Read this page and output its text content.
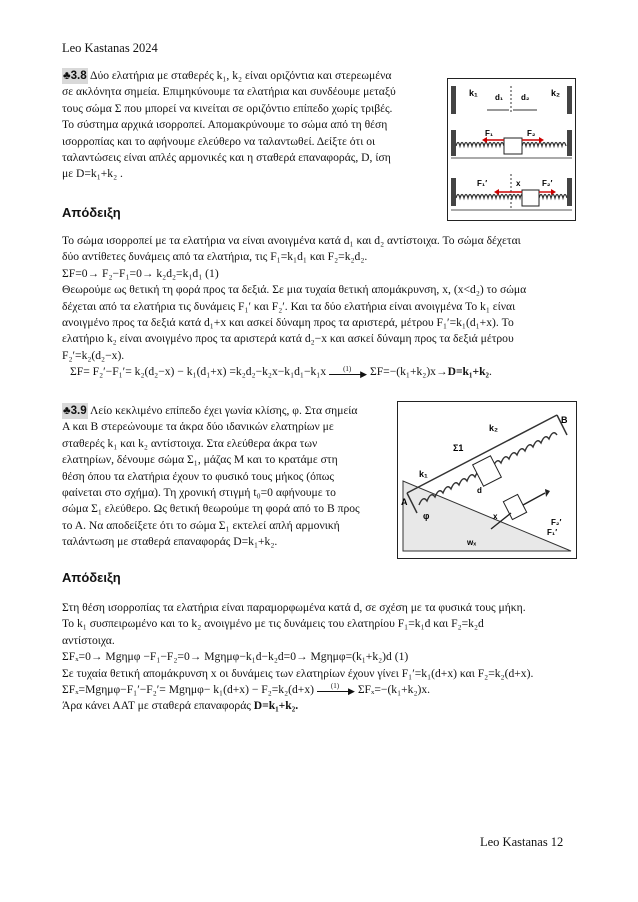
Leo Kastanas 2024

♣3.8 Δύο ελατήρια με σταθερές k₁, k₂ είναι οριζόντια και στερεωμένα

σε ακλόνητα σημεία. Επιμηκύνουμε τα ελατήρια και συνδέουμε μεταξύ

τους σώμα Σ που μπορεί να κινείται σε οριζόντιο επίπεδο χωρίς τριβές.

Το σύστημα αρχικά ισορροπεί. Απομακρύνουμε το σώμα από τη θέση

ισορροπίας και το αφήνουμε ελεύθερο να ταλαντωθεί. Δείξτε ότι οι

ταλαντώσεις είναι απλές αρμονικές και η σταθερά επαναφοράς, D, ίση

με D=k₁+k₂ .

k₁	k₂
d₁ d₂
F₁	F₂
F₁′	x	F₂′
Απόδειξη

Το σώμα ισορροπεί με τα ελατήρια να είναι ανοιγμένα κατά d₁ και d₂ αντίστοιχα. Το σώμα δέχεται

δύο αντίθετες δυνάμεις από τα ελατήρια, τις F₁=k₁d₁ και F₂=k₂d₂.

ΣF=0→ F₂−F₁=0→ k₂d₂=k₁d₁ (1)

Θεωρούμε ως θετική τη φορά προς τα δεξιά. Σε μια τυχαία θετική απομάκρυνση, x, (x<d₂) το σώμα

δέχεται από τα ελατήρια τις δυνάμεις F₁′ και F₂′. Και τα δύο ελατήρια είναι ανοιγμένα Το k₁ είναι

ανοιγμένο προς τα δεξιά κατά d₁+x και ασκεί δύναμη προς τα αριστερά, μέτρου F₁′=k₁(d₁+x). Το

ελατήριο k₂ είναι ανοιγμένο προς τα αριστερά κατά d₂−x και ασκεί δύναμη προς τα δεξιά μέτρου

F₂′=k₂(d₂−x).

ΣF= F₂′−F₁′= k₂(d₂−x) − k₁(d₁+x) =k₂d₂−k₂x−k₁d₁−k₁x (1) ▶ ΣF=−(k₁+k₂)x→D=k₁+k₂.

♣3.9 Λείο κεκλιμένο επίπεδο έχει γωνία κλίσης, φ. Στα σημεία

Α και Β στερεώνουμε τα άκρα δύο ιδανικών ελατηρίων με

σταθερές k₁ και k₂ αντίστοιχα. Στα ελεύθερα άκρα των

ελατηρίων, δένουμε σώμα Σ₁, μάζας Μ και το κρατάμε στη

θέση όπου τα ελατήρια έχουν το φυσικό τους μήκος (όπως

φαίνεται στο σχήμα). Τη χρονική στιγμή t₀=0 αφήνουμε το

σώμα Σ₁ ελεύθερο. Ως θετική θεωρούμε τη φορά από το Β προς

το Α. Να αποδείξετε ότι το σώμα Σ₁ εκτελεί απλή αρμονική

ταλάντωση με σταθερά επαναφοράς D=k₁+k₂.

Σ1
k₁
k₂
B
A
d
φ	x
F₂′
F₁′
wₓ
Απόδειξη

Στη θέση ισορροπίας τα ελατήρια είναι παραμορφωμένα κατά d, σε σχέση με τα φυσικά τους μήκη.

Το k₁ συσπειρωμένο και το k₂ ανοιγμένο με τις δυνάμεις του ελατηρίου F₁=k₁d και F₂=k₂d

αντίστοιχα.

ΣFₓ=0→ Mgημφ −F₁−F₂=0→ Mgημφ−k₁d−k₂d=0→ Mgημφ=(k₁+k₂)d (1)

Σε τυχαία θετική απομάκρυνση x οι δυνάμεις των ελατηρίων έχουν γίνει F₁′=k₁(d+x) και F₂=k₂(d+x).

ΣFₓ=Mgημφ−F₁′−F₂′= Mgημφ− k₁(d+x) − F₂=k₂(d+x) (1) ▶ ΣFₓ=−(k₁+k₂)x.

Άρα κάνει ΑΑΤ με σταθερά επαναφοράς D=k₁+k₂.

Leo Kastanas 12
